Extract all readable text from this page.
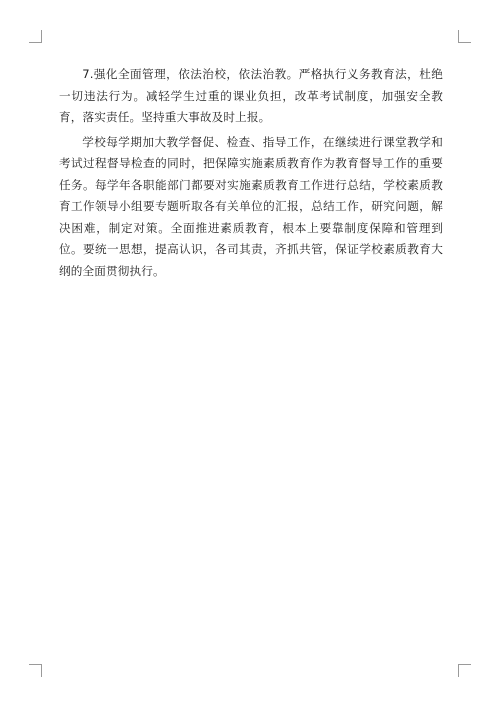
7.强化全面管理，依法治校，依法治教。严格执行义务教育法，杜绝一切违法行为。减轻学生过重的课业负担，改革考试制度，加强安全教育，落实责任。坚持重大事故及时上报。

学校每学期加大教学督促、检查、指导工作，在继续进行课堂教学和考试过程督导检查的同时，把保障实施素质教育作为教育督导工作的重要任务。每学年各职能部门都要对实施素质教育工作进行总结，学校素质教育工作领导小组要专题听取各有关单位的汇报，总结工作，研究问题，解决困难，制定对策。全面推进素质教育，根本上要靠制度保障和管理到位。要统一思想，提高认识，各司其责，齐抓共管，保证学校素质教育大纲的全面贯彻执行。
